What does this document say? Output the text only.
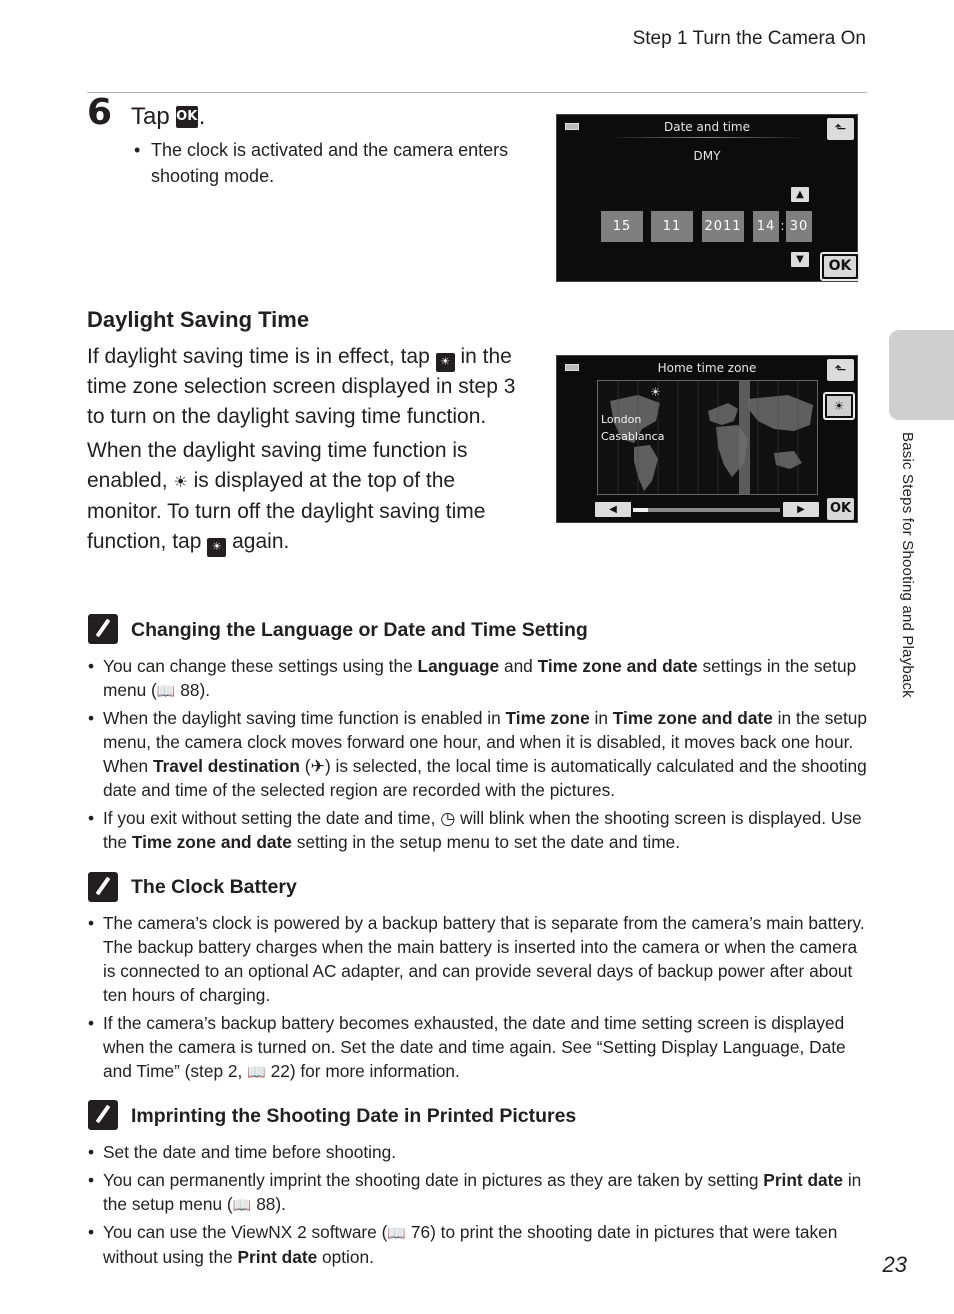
Step 1 Turn the Camera On
Basic Steps for Shooting and Playback
6 Tap OK .
• The clock is activated and the camera enters shooting mode.
Date and time	⬑
DMY
▲
15	11	2011 14 : 30
▼	OK
Daylight Saving Time
If daylight saving time is in effect, tap ☀ in the time zone selection screen displayed in step 3 to turn on the daylight saving time function.
When the daylight saving time function is enabled, ☀ is displayed at the top of the monitor. To turn off the daylight saving time function, tap ☀ again.
Home time zone	⬑
☀
London
Casablanca
☀
◀	▶	OK
Changing the Language or Date and Time Setting
• You can change these settings using the Language and Time zone and date settings in the setup menu (📖 88).
• When the daylight saving time function is enabled in Time zone in Time zone and date in the setup menu, the camera clock moves forward one hour, and when it is disabled, it moves back one hour. When Travel destination (✈) is selected, the local time is automatically calculated and the shooting date and time of the selected region are recorded with the pictures.
• If you exit without setting the date and time, ◷ will blink when the shooting screen is displayed. Use the Time zone and date setting in the setup menu to set the date and time.
The Clock Battery
• The camera’s clock is powered by a backup battery that is separate from the camera’s main battery. The backup battery charges when the main battery is inserted into the camera or when the camera is connected to an optional AC adapter, and can provide several days of backup power after about ten hours of charging.
• If the camera’s backup battery becomes exhausted, the date and time setting screen is displayed when the camera is turned on. Set the date and time again. See “Setting Display Language, Date and Time” (step 2, 📖 22) for more information.
Imprinting the Shooting Date in Printed Pictures
• Set the date and time before shooting.
• You can permanently imprint the shooting date in pictures as they are taken by setting Print date in the setup menu (📖 88).
• You can use the ViewNX 2 software (📖 76) to print the shooting date in pictures that were taken without using the Print date option.	23
